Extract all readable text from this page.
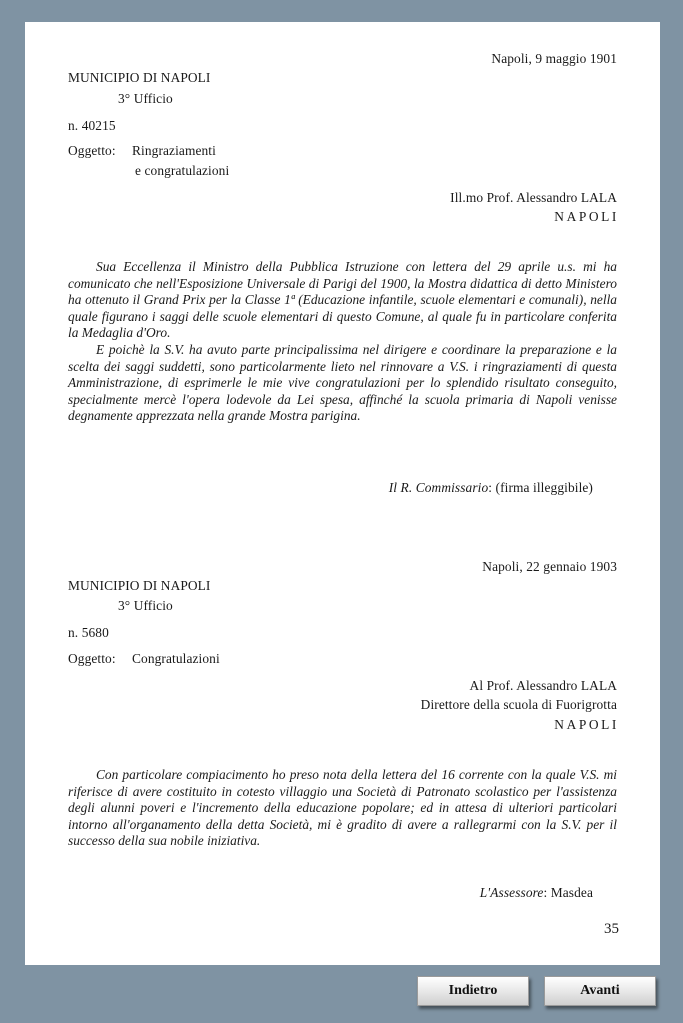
Napoli, 9 maggio 1901
MUNICIPIO DI NAPOLI
3° Ufficio
n. 40215
Oggetto: Ringraziamenti
e congratulazioni
Ill.mo Prof. Alessandro LALA
NAPOLI

Sua Eccellenza il Ministro della Pubblica Istruzione con lettera del 29 aprile u.s. mi ha comunicato che nell'Esposizione Universale di Parigi del 1900, la Mostra didattica di detto Ministero ha ottenuto il Grand Prix per la Classe 1ª (Educazione infantile, scuole elementari e comunali), nella quale figurano i saggi delle scuole elementari di questo Comune, al quale fu in particolare conferita la Medaglia d'Oro.

E poichè la S.V. ha avuto parte principalissima nel dirigere e coordinare la preparazione e la scelta dei saggi suddetti, sono particolarmente lieto nel rinnovare a V.S. i ringraziamenti di questa Amministrazione, di esprimerle le mie vive congratulazioni per lo splendido risultato conseguito, specialmente mercè l'opera lodevole da Lei spesa, affinché la scuola primaria di Napoli venisse degnamente apprezzata nella grande Mostra parigina.

Il R. Commissario: (firma illeggibile)
Napoli, 22 gennaio 1903
MUNICIPIO DI NAPOLI
3° Ufficio
n. 5680
Oggetto: Congratulazioni
Al Prof. Alessandro LALA
Direttore della scuola di Fuorigrotta
NAPOLI

Con particolare compiacimento ho preso nota della lettera del 16 corrente con la quale V.S. mi riferisce di avere costituito in cotesto villaggio una Società di Patronato scolastico per l'assistenza degli alunni poveri e l'incremento della educazione popolare; ed in attesa di ulteriori particolari intorno all'organamento della detta Società, mi è gradito di avere a rallegrarmi con la S.V. per il successo della sua nobile iniziativa.

L'Assessore: Masdea
35
Indietro	Avanti
